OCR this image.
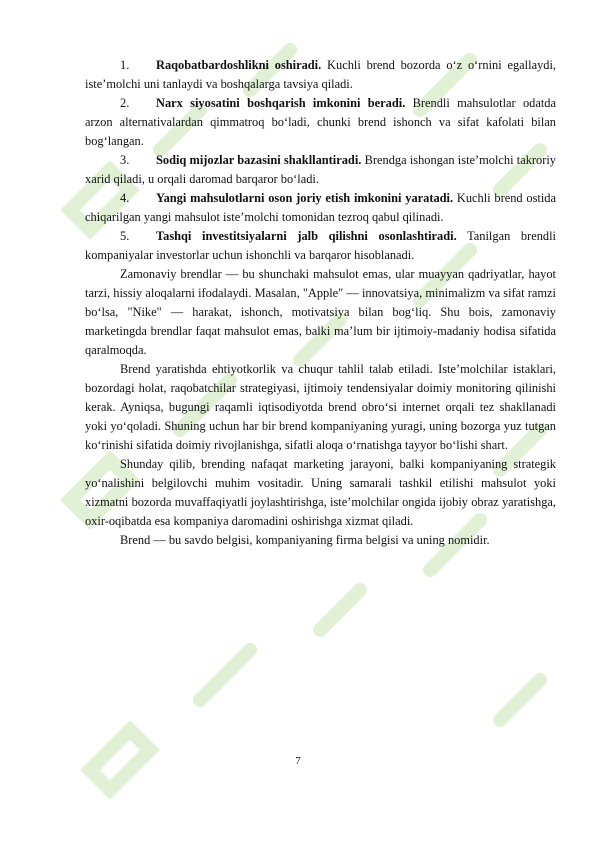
1. Raqobatbardoshlikni oshiradi. Kuchli brend bozorda o‘z o‘rnini egallaydi, iste’molchi uni tanlaydi va boshqalarga tavsiya qiladi.

2. Narx siyosatini boshqarish imkonini beradi. Brendli mahsulotlar odatda arzon alternativalardan qimmatroq bo‘ladi, chunki brend ishonch va sifat kafolati bilan bog‘langan.

3. Sodiq mijozlar bazasini shakllantiradi. Brendga ishongan iste’molchi takroriy xarid qiladi, u orqali daromad barqaror bo‘ladi.

4. Yangi mahsulotlarni oson joriy etish imkonini yaratadi. Kuchli brend ostida chiqarilgan yangi mahsulot iste’molchi tomonidan tezroq qabul qilinadi.

5. Tashqi investitsiyalarni jalb qilishni osonlashtiradi. Tanilgan brendli kompaniyalar investorlar uchun ishonchli va barqaror hisoblanadi.

Zamonaviy brendlar — bu shunchaki mahsulot emas, ular muayyan qadriyatlar, hayot tarzi, hissiy aloqalarni ifodalaydi. Masalan, "Apple" — innovatsiya, minimalizm va sifat ramzi bo‘lsa, "Nike" — harakat, ishonch, motivatsiya bilan bog‘liq. Shu bois, zamonaviy marketingda brendlar faqat mahsulot emas, balki ma’lum bir ijtimoiy-madaniy hodisa sifatida qaralmoqda.

Brend yaratishda ehtiyotkorlik va chuqur tahlil talab etiladi. Iste’molchilar istaklari, bozordagi holat, raqobatchilar strategiyasi, ijtimoiy tendensiyalar doimiy monitoring qilinishi kerak. Ayniqsa, bugungi raqamli iqtisodiyotda brend obro‘si internet orqali tez shakllanadi yoki yo‘qoladi. Shuning uchun har bir brend kompaniyaning yuragi, uning bozorga yuz tutgan ko‘rinishi sifatida doimiy rivojlanishga, sifatli aloqa o‘rnatishga tayyor bo‘lishi shart.

Shunday qilib, brending nafaqat marketing jarayoni, balki kompaniyaning strategik yo‘nalishini belgilovchi muhim vositadir. Uning samarali tashkil etilishi mahsulot yoki xizmatni bozorda muvaffaqiyatli joylashtirishga, iste’molchilar ongida ijobiy obraz yaratishga, oxir-oqibatda esa kompaniya daromadini oshirishga xizmat qiladi.

Brend — bu savdo belgisi, kompaniyaning firma belgisi va uning nomidir.

7
